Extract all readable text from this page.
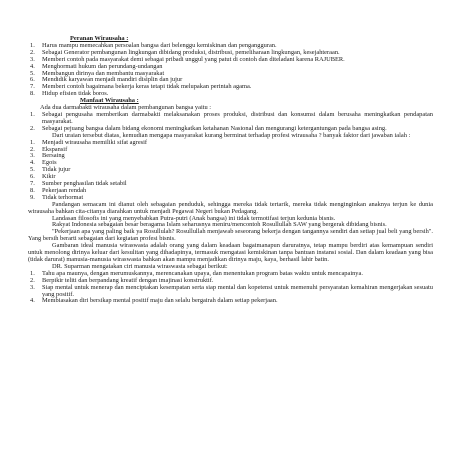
Peranan Wirausaha :
1. Harus mampu memecahkan persoalan bangsa dari belenggu kemiskinan dan pengangguran.
2. Sebagai Generator pembangunan lingkungan dibidang produksi, distribusi, pemeliharaan lingkungan, kesejahteraan.
3. Memberi contoh pada masyarakat demi sebagai pribadi unggul yang patut di contoh dan diteladani karena RAJUBER.
4. Menghormati hukum dan perundang-undangan
5. Membangun dirinya dan membantu masyarakat
6. Mendidik karyawan menjadi mandiri disiplin dan jujur
7. Memberi contoh bagaimana bekerja keras tetapi tidak melupakan perintah agama.
8. Hidup efisien tidak boros.
Manfaat Wirausaha :
Ada dua darmabakti wirausaha dalam pembangunan bangsa yaitu :
1. Sebagai pengusaha memberikan darmabakti melaksanakan proses produksi, distribusi dan konsumsi dalam berusaha meningkatkan pendapatan masyarakat.
2. Sebagai pejuang bangsa dalam bidang ekonomi meningkatkan ketahanan Nasional dan mengurangi ketergantungan pada bangsa asing.
Dari uraian tersebut diatas, kemudian mengapa masyarakat kurang berminat terhadap profesi wirausaha ? banyak faktor dari jawaban ialah :
1. Menjadi wirausaha memiliki sifat agresif
2. Ekspansif
3. Bersaing
4. Egois
5. Tidak jujur
6. Kikir
7. Sumber penghasilan tidak setabil
8. Pekerjaan rendah
9. Tidak terhormat
Pandangan semacam ini dianut oleh sebagaian penduduk, sehingga mereka tidak tertarik, mereka tidak menginginkan anaknya terjun ke dunia wirausaha bahkan cita-citanya diarahkan untuk menjadi Pegawai Negeri bukan Pedagang.
Landasan filosofis ini yang menyebabkan Putra-putri (Anak bangsa) ini tidak termotifasi terjun kedunia bisnis.
Rakyat Indonesia sebagaian besar beragama Islam seharusnya meniru/mencontoh Rosullullah SAW yang bergerak dibidang bisnis.
"Pekerjaan apa yang paling baik ya Rosullulah? Rosullullah menjawab seseorang bekerja dengan tangannya sendiri dan setiap jual beli yang bersih". Yang bersih berarti sebagaian dari kegiatan profesi bisnis.
Gambaran ideal manusia wiraswasta adalah orang yang dalam keadaan bagaimanapun daruratnya, tetap mampu berdiri atas kemampuan sendiri untuk menolong dirinya keluar dari kesulitan yang dihadapinya, termasuk mengatasi kemiskinan tanpa bantuan instansi sosial. Dan dalam keadaan yang bisa (tidak darurat) manusia-manusia wiraswasta bahkan akan mampu menjadikan dirinya maju, kaya, berhasil lahir batin.
DR. Suparman mengatakan ciri manusia wiraswasta sebagai berikut:
1. Tahu apa maunya, dengan merumuskannya, merencanakan upaya, dan menentukan program batas waktu untuk mencapainya.
2. Berpikir teliti dan berpandang kreatif dengan imajinasi konstruktif.
3. Siap mental untuk menerap dan menciptakan kesempatan serta siap mental dan kopetensi untuk memenuhi persyaratan kemahiran mengerjakan sesuatu yang positif.
4. Membiasakan diri bersikap mental positif maju dan selalu bergairah dalam setiap pekerjaan.
